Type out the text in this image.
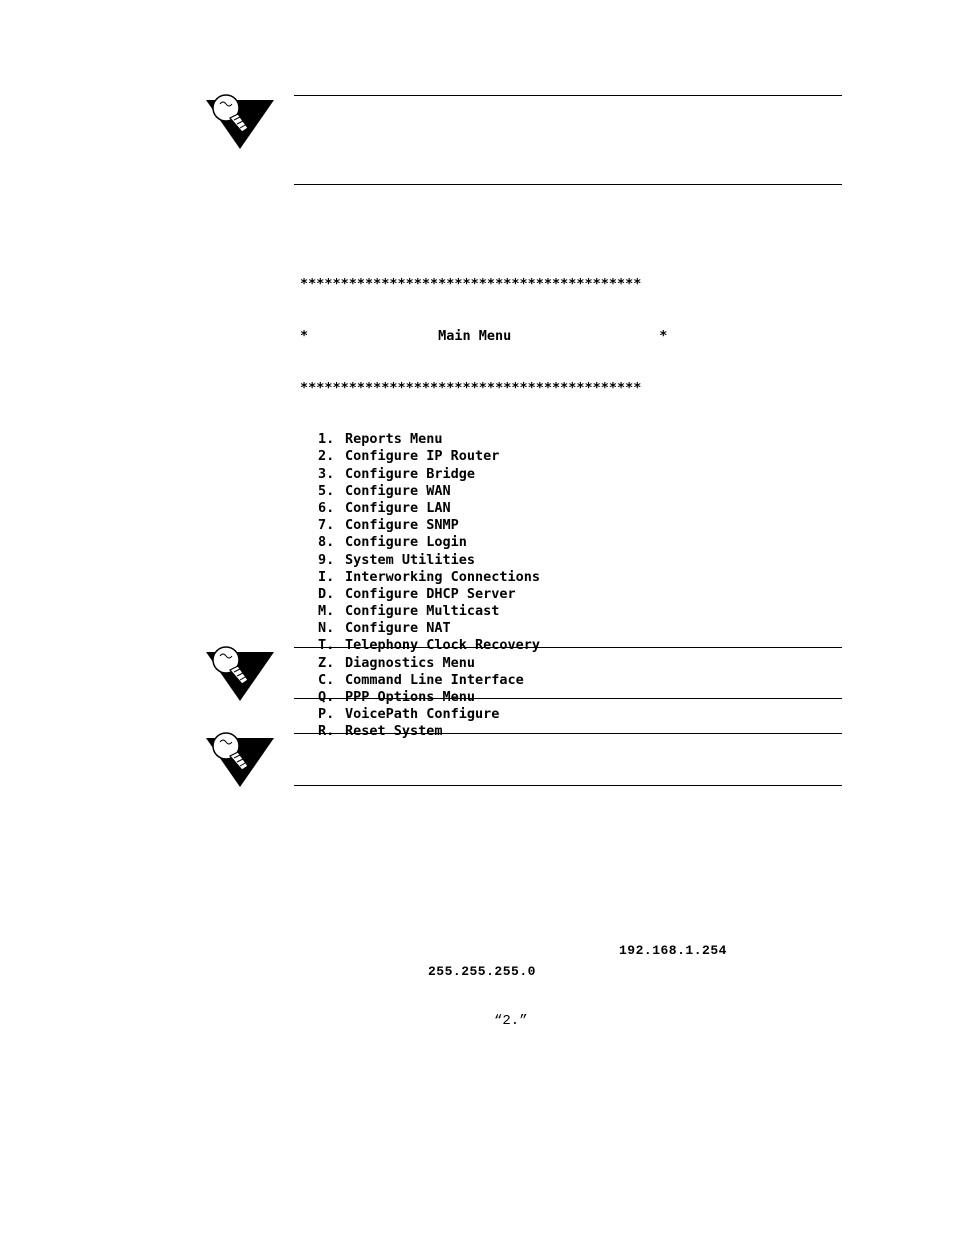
******************************************

*	Main Menu	*

******************************************

1. Reports Menu
2. Configure IP Router
3. Configure Bridge
5. Configure WAN
6. Configure LAN
7. Configure SNMP
8. Configure Login
9. System Utilities
I. Interworking Connections
D. Configure DHCP Server
M. Configure Multicast
N. Configure NAT
T. Telephony Clock Recovery
Z. Diagnostics Menu
C. Command Line Interface
Q. PPP Options Menu
P. VoicePath Configure
R. Reset System

192.168.1.254
255.255.255.0
“2.”
